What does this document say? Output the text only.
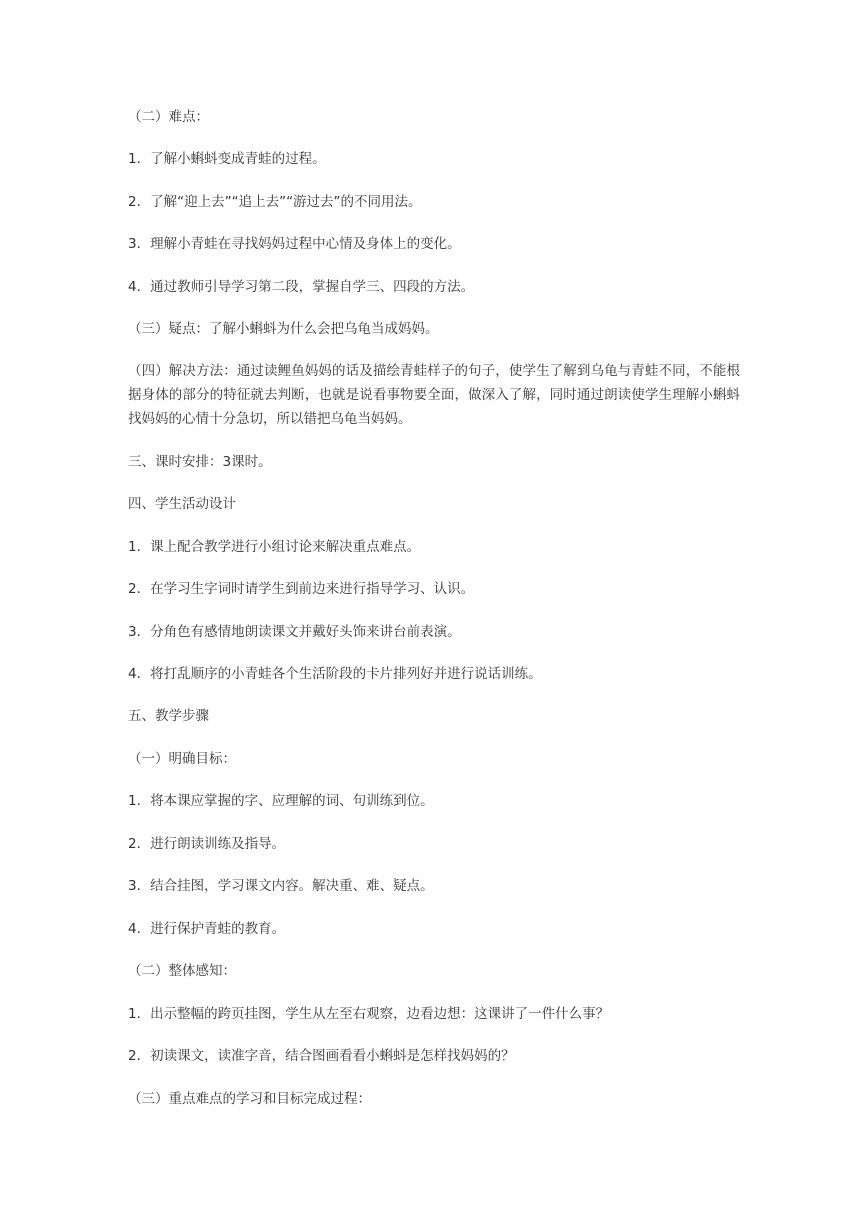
（二）难点：
1．了解小蝌蚪变成青蛙的过程。
2．了解“迎上去”“追上去”“游过去”的不同用法。
3．理解小青蛙在寻找妈妈过程中心情及身体上的变化。
4．通过教师引导学习第二段，掌握自学三、四段的方法。
（三）疑点：了解小蝌蚪为什么会把乌龟当成妈妈。
（四）解决方法：通过读鲤鱼妈妈的话及描绘青蛙样子的句子，使学生了解到乌龟与青蛙不同，不能根据身体的部分的特征就去判断，也就是说看事物要全面，做深入了解，同时通过朗读使学生理解小蝌蚪找妈妈的心情十分急切，所以错把乌龟当妈妈。
三、课时安排：3课时。
四、学生活动设计
1．课上配合教学进行小组讨论来解决重点难点。
2．在学习生字词时请学生到前边来进行指导学习、认识。
3．分角色有感情地朗读课文并戴好头饰来讲台前表演。
4．将打乱顺序的小青蛙各个生活阶段的卡片排列好并进行说话训练。
五、教学步骤
（一）明确目标：
1．将本课应掌握的字、应理解的词、句训练到位。
2．进行朗读训练及指导。
3．结合挂图，学习课文内容。解决重、难、疑点。
4．进行保护青蛙的教育。
（二）整体感知：
1．出示整幅的跨页挂图，学生从左至右观察，边看边想：这课讲了一件什么事？
2．初读课文，读准字音，结合图画看看小蝌蚪是怎样找妈妈的？
（三）重点难点的学习和目标完成过程：
